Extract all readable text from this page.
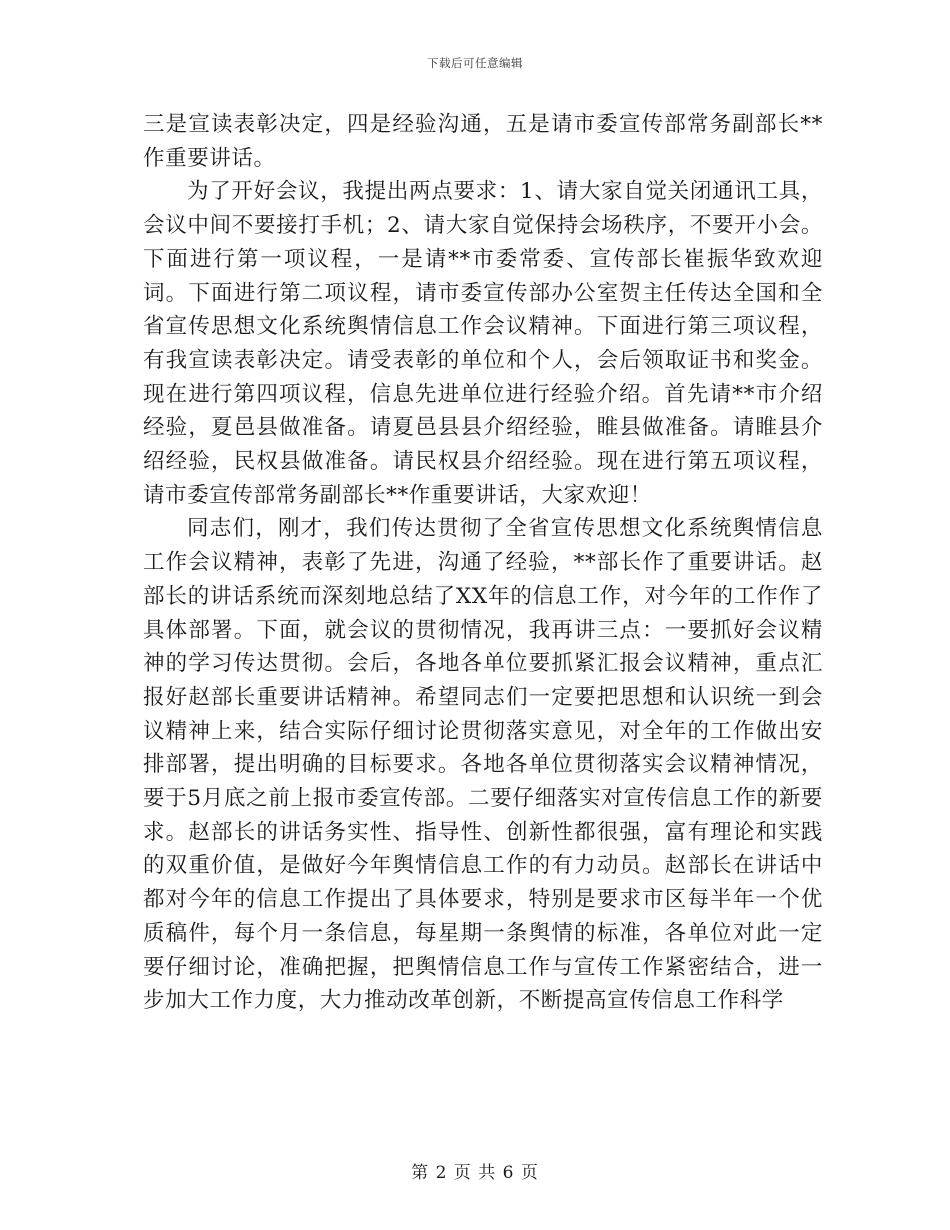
下载后可任意编辑

三是宣读表彰决定，四是经验沟通，五是请市委宣传部常务副部长**作重要讲话。

为了开好会议，我提出两点要求：1、请大家自觉关闭通讯工具，会议中间不要接打手机；2、请大家自觉保持会场秩序，不要开小会。下面进行第一项议程，一是请**市委常委、宣传部长崔振华致欢迎词。下面进行第二项议程，请市委宣传部办公室贺主任传达全国和全省宣传思想文化系统舆情信息工作会议精神。下面进行第三项议程，有我宣读表彰决定。请受表彰的单位和个人，会后领取证书和奖金。现在进行第四项议程，信息先进单位进行经验介绍。首先请**市介绍经验，夏邑县做准备。请夏邑县县介绍经验，睢县做准备。请睢县介绍经验，民权县做准备。请民权县介绍经验。现在进行第五项议程，请市委宣传部常务副部长**作重要讲话，大家欢迎！

同志们，刚才，我们传达贯彻了全省宣传思想文化系统舆情信息工作会议精神，表彰了先进，沟通了经验，**部长作了重要讲话。赵部长的讲话系统而深刻地总结了XX年的信息工作，对今年的工作作了具体部署。下面，就会议的贯彻情况，我再讲三点：一要抓好会议精神的学习传达贯彻。会后，各地各单位要抓紧汇报会议精神，重点汇报好赵部长重要讲话精神。希望同志们一定要把思想和认识统一到会议精神上来，结合实际仔细讨论贯彻落实意见，对全年的工作做出安排部署，提出明确的目标要求。各地各单位贯彻落实会议精神情况，要于5月底之前上报市委宣传部。二要仔细落实对宣传信息工作的新要求。赵部长的讲话务实性、指导性、创新性都很强，富有理论和实践的双重价值，是做好今年舆情信息工作的有力动员。赵部长在讲话中都对今年的信息工作提出了具体要求，特别是要求市区每半年一个优质稿件，每个月一条信息，每星期一条舆情的标准，各单位对此一定要仔细讨论，准确把握，把舆情信息工作与宣传工作紧密结合，进一步加大工作力度，大力推动改革创新，不断提高宣传信息工作科学

第 2 页 共 6 页
